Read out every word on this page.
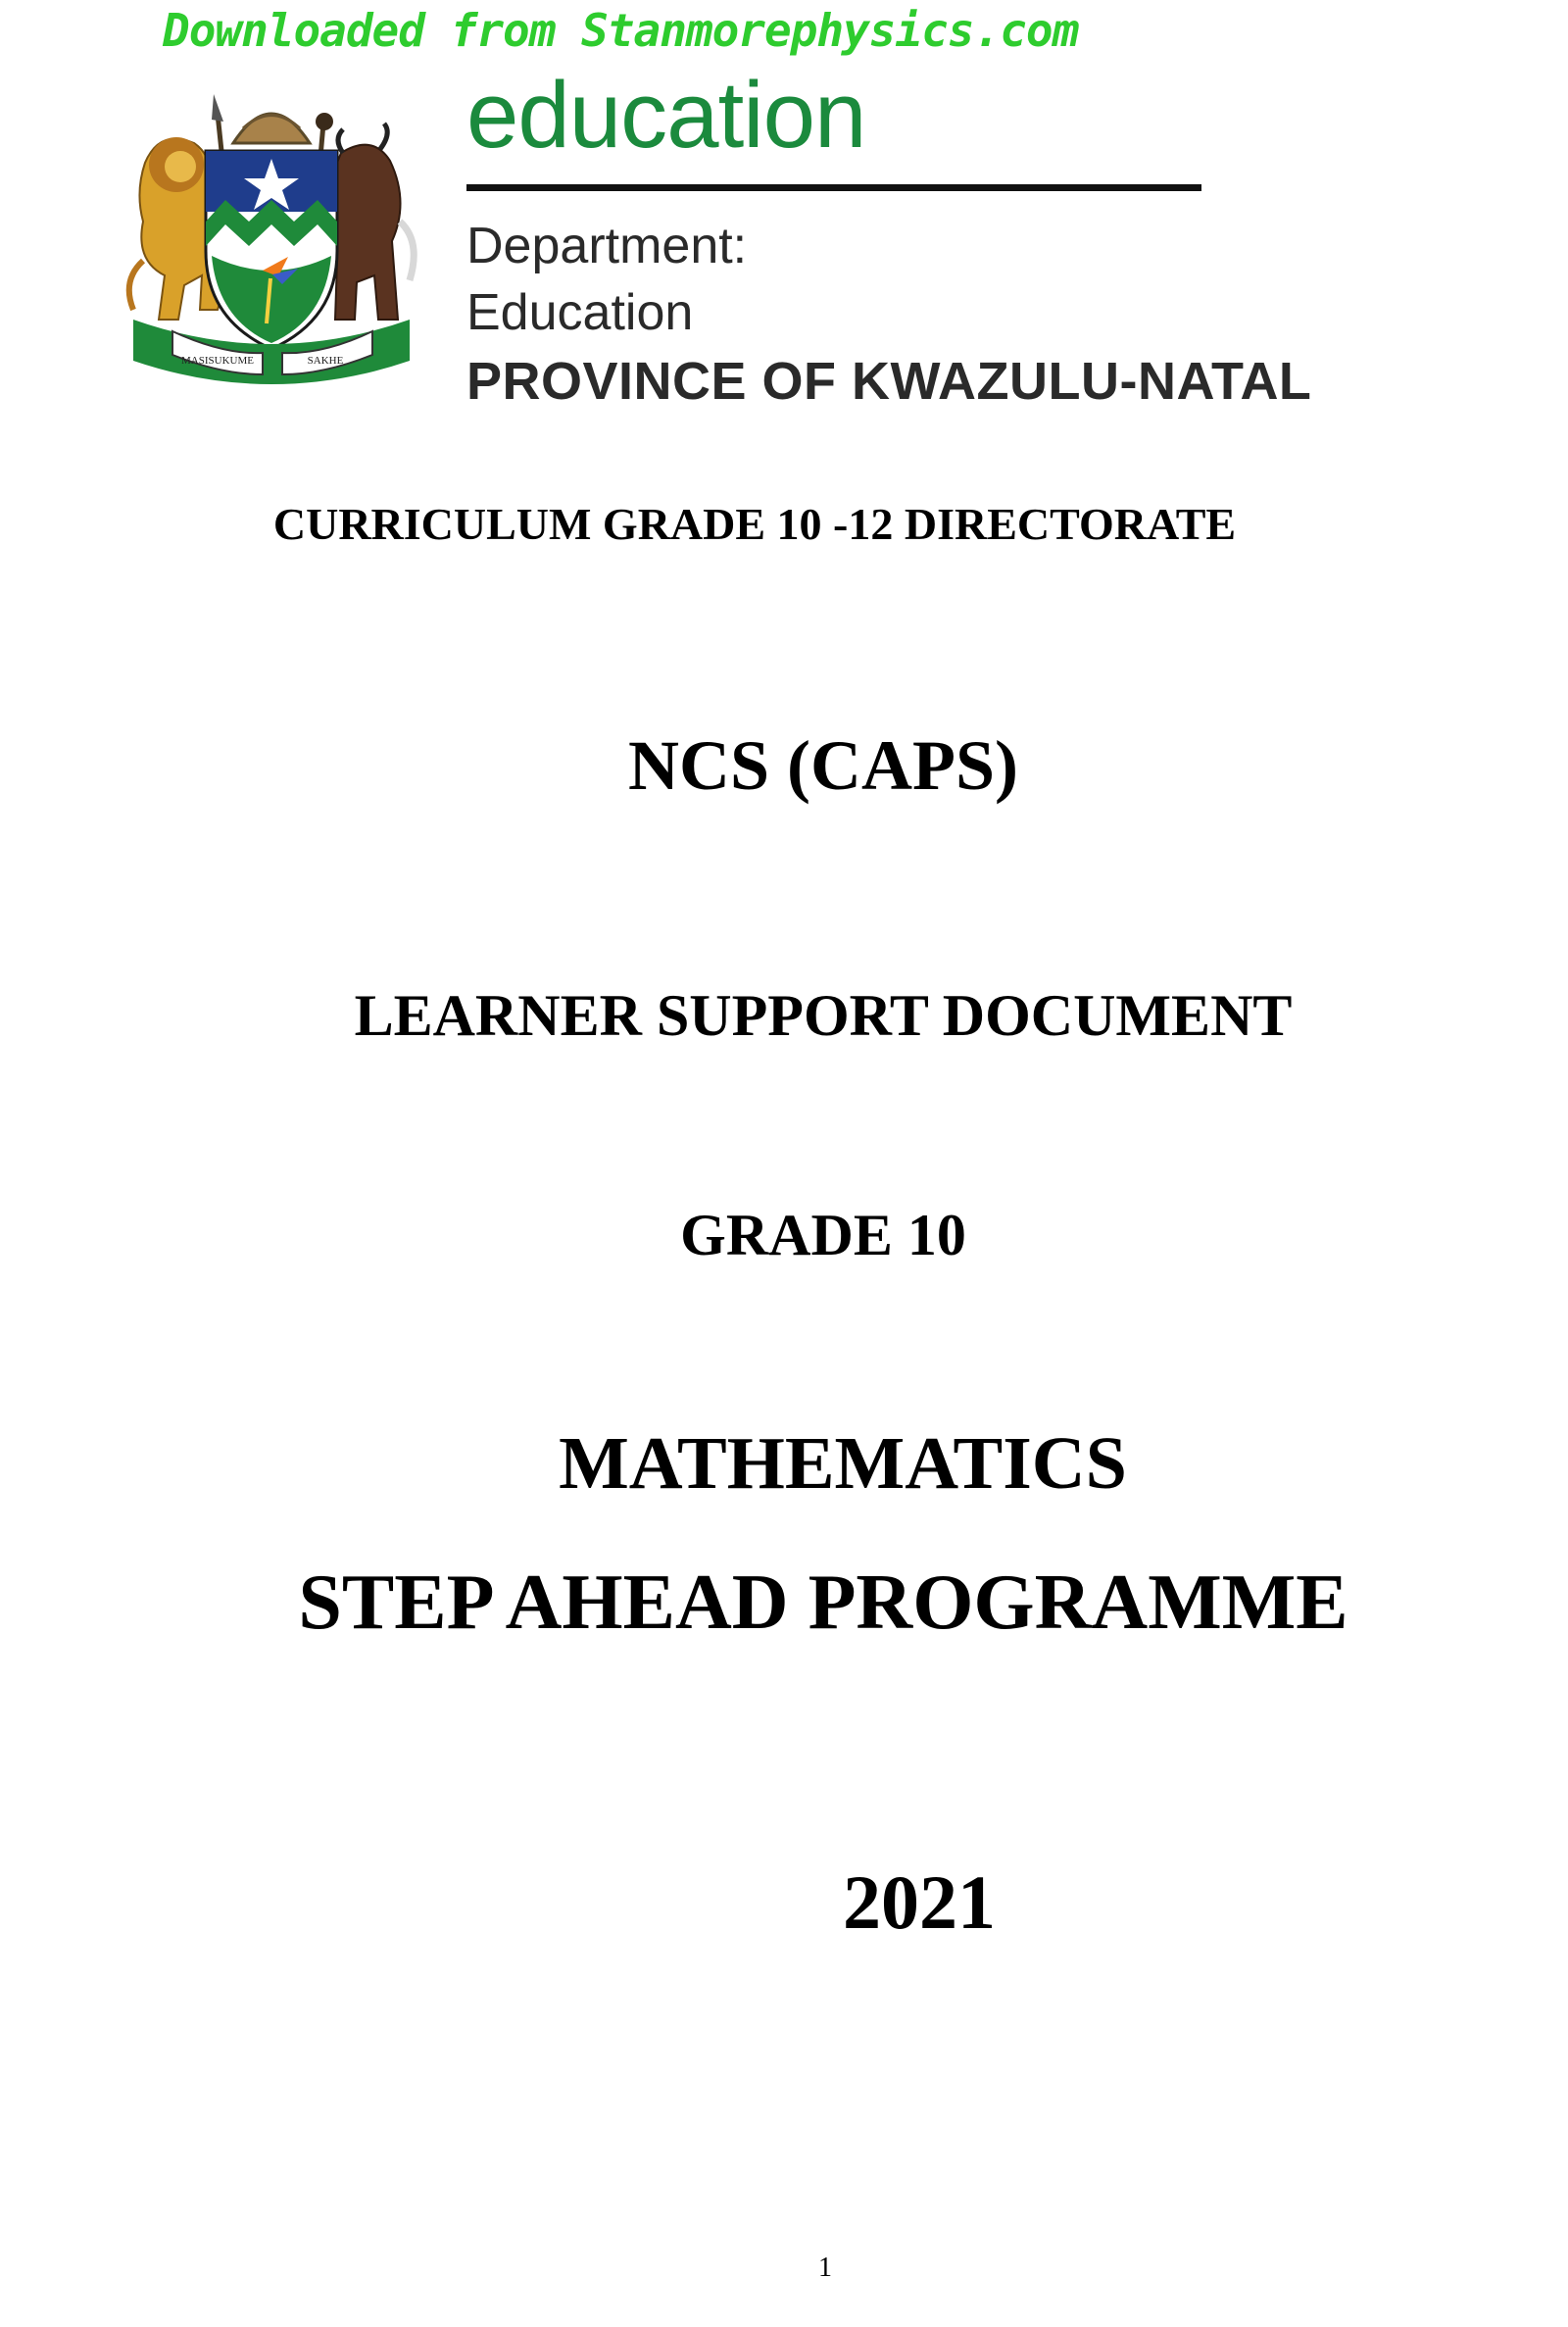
Downloaded from Stanmorephysics.com
MASISUKUME	SAKHE
education
Department:
Education
PROVINCE OF KWAZULU-NATAL
CURRICULUM GRADE 10 -12 DIRECTORATE
NCS (CAPS)
LEARNER SUPPORT DOCUMENT
GRADE 10
MATHEMATICS
STEP AHEAD PROGRAMME
2021
1
